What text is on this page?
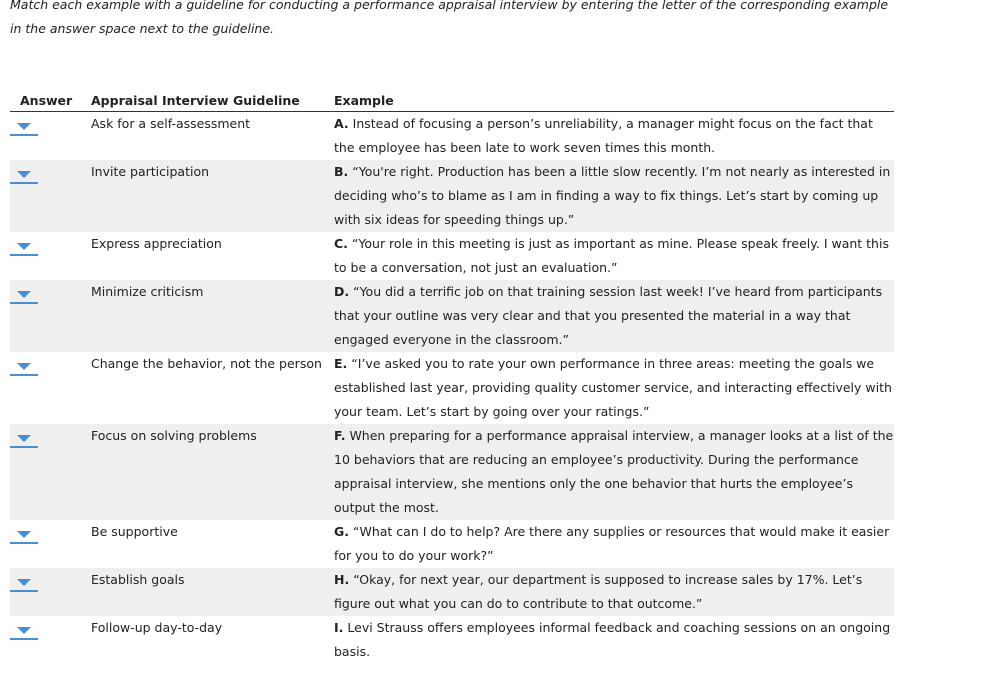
Match each example with a guideline for conducting a performance appraisal interview by entering the letter of the corresponding example in the answer space next to the guideline.

Answer	Appraisal Interview Guideline	Example

	Ask for a self-assessment	A. Instead of focusing a person’s unreliability, a manager might focus on the fact that the employee has been late to work seven times this month.

	Invite participation	B. “You're right. Production has been a little slow recently. I’m not nearly as interested in deciding who’s to blame as I am in finding a way to fix things. Let’s start by coming up with six ideas for speeding things up.”

	Express appreciation	C. “Your role in this meeting is just as important as mine. Please speak freely. I want this to be a conversation, not just an evaluation.”

	Minimize criticism	D. “You did a terrific job on that training session last week! I’ve heard from participants that your outline was very clear and that you presented the material in a way that engaged everyone in the classroom.”

	Change the behavior, not the person	E. “I’ve asked you to rate your own performance in three areas: meeting the goals we established last year, providing quality customer service, and interacting effectively with your team. Let’s start by going over your ratings.”

	Focus on solving problems	F. When preparing for a performance appraisal interview, a manager looks at a list of the 10 behaviors that are reducing an employee’s productivity. During the performance appraisal interview, she mentions only the one behavior that hurts the employee’s output the most.

	Be supportive	G. “What can I do to help? Are there any supplies or resources that would make it easier for you to do your work?”

	Establish goals	H. “Okay, for next year, our department is supposed to increase sales by 17%. Let’s figure out what you can do to contribute to that outcome.”

	Follow-up day-to-day	I. Levi Strauss offers employees informal feedback and coaching sessions on an ongoing basis.
